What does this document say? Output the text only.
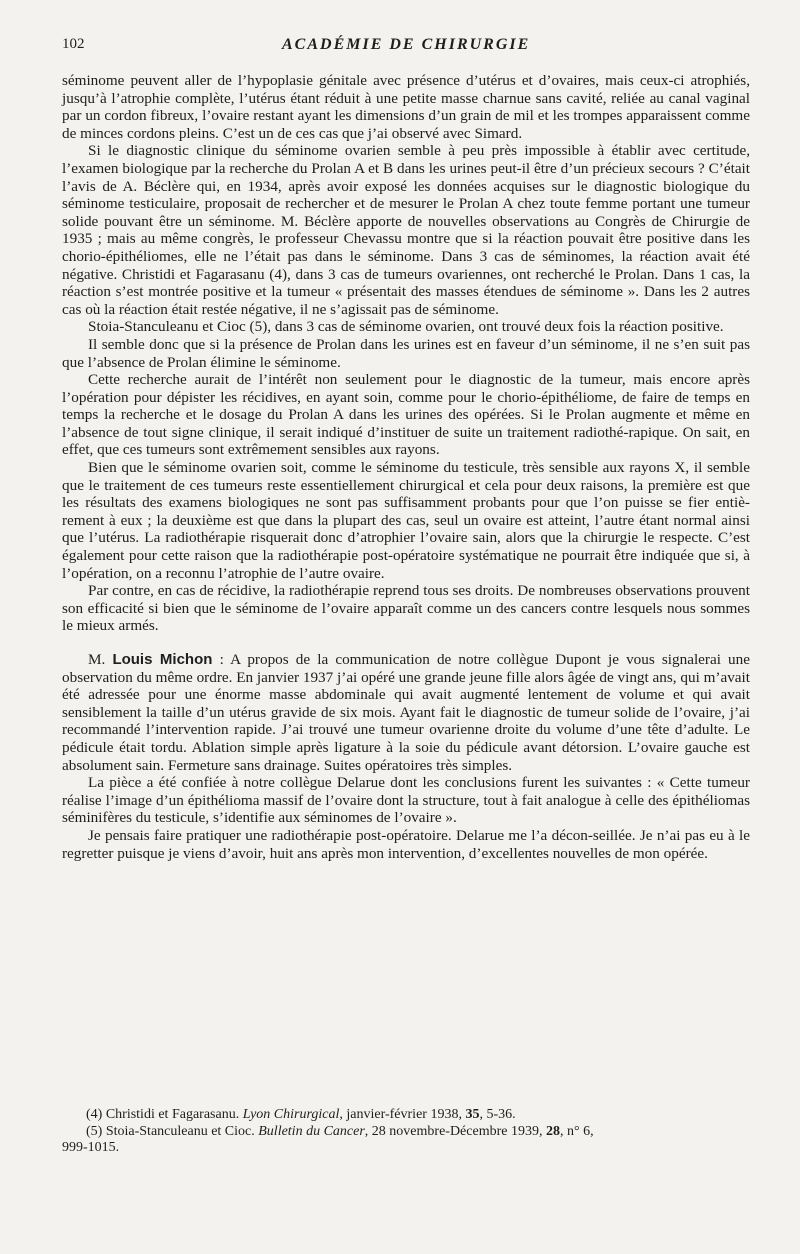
102	ACADÉMIE DE CHIRURGIE

séminome peuvent aller de l’hypoplasie génitale avec présence d’utérus et d’ovaires, mais ceux-ci atrophiés, jusqu’à l’atrophie complète, l’utérus étant réduit à une petite masse charnue sans cavité, reliée au canal vaginal par un cordon fibreux, l’ovaire restant ayant les dimensions d’un grain de mil et les trompes apparaissent comme de minces cordons pleins. C’est un de ces cas que j’ai observé avec Simard.

Si le diagnostic clinique du séminome ovarien semble à peu près impossible à établir avec certitude, l’examen biologique par la recherche du Prolan A et B dans les urines peut-il être d’un précieux secours ? C’était l’avis de A. Béclère qui, en 1934, après avoir exposé les données acquises sur le diagnostic biologique du séminome testiculaire, proposait de rechercher et de mesurer le Prolan A chez toute femme portant une tumeur solide pouvant être un séminome. M. Béclère apporte de nouvelles observations au Congrès de Chirurgie de 1935 ; mais au même congrès, le professeur Chevassu montre que si la réaction pouvait être positive dans les chorio-épithéliomes, elle ne l’était pas dans le séminome. Dans 3 cas de séminomes, la réaction avait été négative. Christidi et Fagarasanu (4), dans 3 cas de tumeurs ovariennes, ont recherché le Prolan. Dans 1 cas, la réaction s’est montrée positive et la tumeur « présentait des masses étendues de séminome ». Dans les 2 autres cas où la réaction était restée négative, il ne s’agissait pas de séminome.

Stoia-Stanculeanu et Cioc (5), dans 3 cas de séminome ovarien, ont trouvé deux fois la réaction positive.

Il semble donc que si la présence de Prolan dans les urines est en faveur d’un séminome, il ne s’en suit pas que l’absence de Prolan élimine le séminome.

Cette recherche aurait de l’intérêt non seulement pour le diagnostic de la tumeur, mais encore après l’opération pour dépister les récidives, en ayant soin, comme pour le chorio-épithéliome, de faire de temps en temps la recherche et le dosage du Prolan A dans les urines des opérées. Si le Prolan augmente et même en l’absence de tout signe clinique, il serait indiqué d’instituer de suite un traitement radiothé-rapique. On sait, en effet, que ces tumeurs sont extrêmement sensibles aux rayons.

Bien que le séminome ovarien soit, comme le séminome du testicule, très sensible aux rayons X, il semble que le traitement de ces tumeurs reste essentiellement chirurgical et cela pour deux raisons, la première est que les résultats des examens biologiques ne sont pas suffisamment probants pour que l’on puisse se fier entiè-rement à eux ; la deuxième est que dans la plupart des cas, seul un ovaire est atteint, l’autre étant normal ainsi que l’utérus. La radiothérapie risquerait donc d’atrophier l’ovaire sain, alors que la chirurgie le respecte. C’est également pour cette raison que la radiothérapie post-opératoire systématique ne pourrait être indiquée que si, à l’opération, on a reconnu l’atrophie de l’autre ovaire.

Par contre, en cas de récidive, la radiothérapie reprend tous ses droits. De nombreuses observations prouvent son efficacité si bien que le séminome de l’ovaire apparaît comme un des cancers contre lesquels nous sommes le mieux armés.

M. Louis Michon : A propos de la communication de notre collègue Dupont je vous signalerai une observation du même ordre. En janvier 1937 j’ai opéré une grande jeune fille alors âgée de vingt ans, qui m’avait été adressée pour une énorme masse abdominale qui avait augmenté lentement de volume et qui avait sensiblement la taille d’un utérus gravide de six mois. Ayant fait le diagnostic de tumeur solide de l’ovaire, j’ai recommandé l’intervention rapide. J’ai trouvé une tumeur ovarienne droite du volume d’une tête d’adulte. Le pédicule était tordu. Ablation simple après ligature à la soie du pédicule avant détorsion. L’ovaire gauche est absolument sain. Fermeture sans drainage. Suites opératoires très simples.

La pièce a été confiée à notre collègue Delarue dont les conclusions furent les suivantes : « Cette tumeur réalise l’image d’un épithélioma massif de l’ovaire dont la structure, tout à fait analogue à celle des épithéliomas séminifères du testicule, s’identifie aux séminomes de l’ovaire ».

Je pensais faire pratiquer une radiothérapie post-opératoire. Delarue me l’a décon-seillée. Je n’ai pas eu à le regretter puisque je viens d’avoir, huit ans après mon intervention, d’excellentes nouvelles de mon opérée.

(4) Christidi et Fagarasanu. Lyon Chirurgical, janvier-février 1938, 35, 5-36.

(5) Stoia-Stanculeanu et Cioc. Bulletin du Cancer, 28 novembre-Décembre 1939, 28, n° 6,

999-1015.
